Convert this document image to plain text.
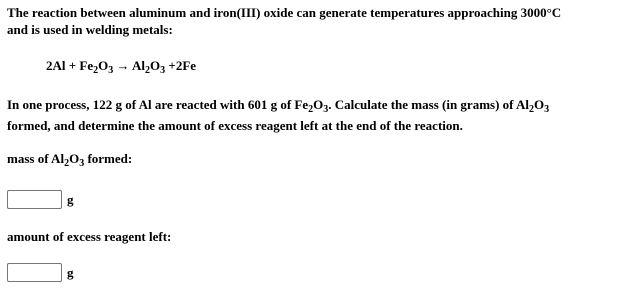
The reaction between aluminum and iron(III) oxide can generate temperatures approaching 3000°C
and is used in welding metals:
$2Al + Fe_2O_3 \to Al_2O_3 +2Fe$
In one process, 122 g of Al are reacted with 601 g of $Fe_2O_3$. Calculate the mass (in grams) of $Al_2O_3$
formed, and determine the amount of excess reagent left at the end of the reaction.
mass of $Al_2O_3$ formed:
g
amount of excess reagent left:
g
